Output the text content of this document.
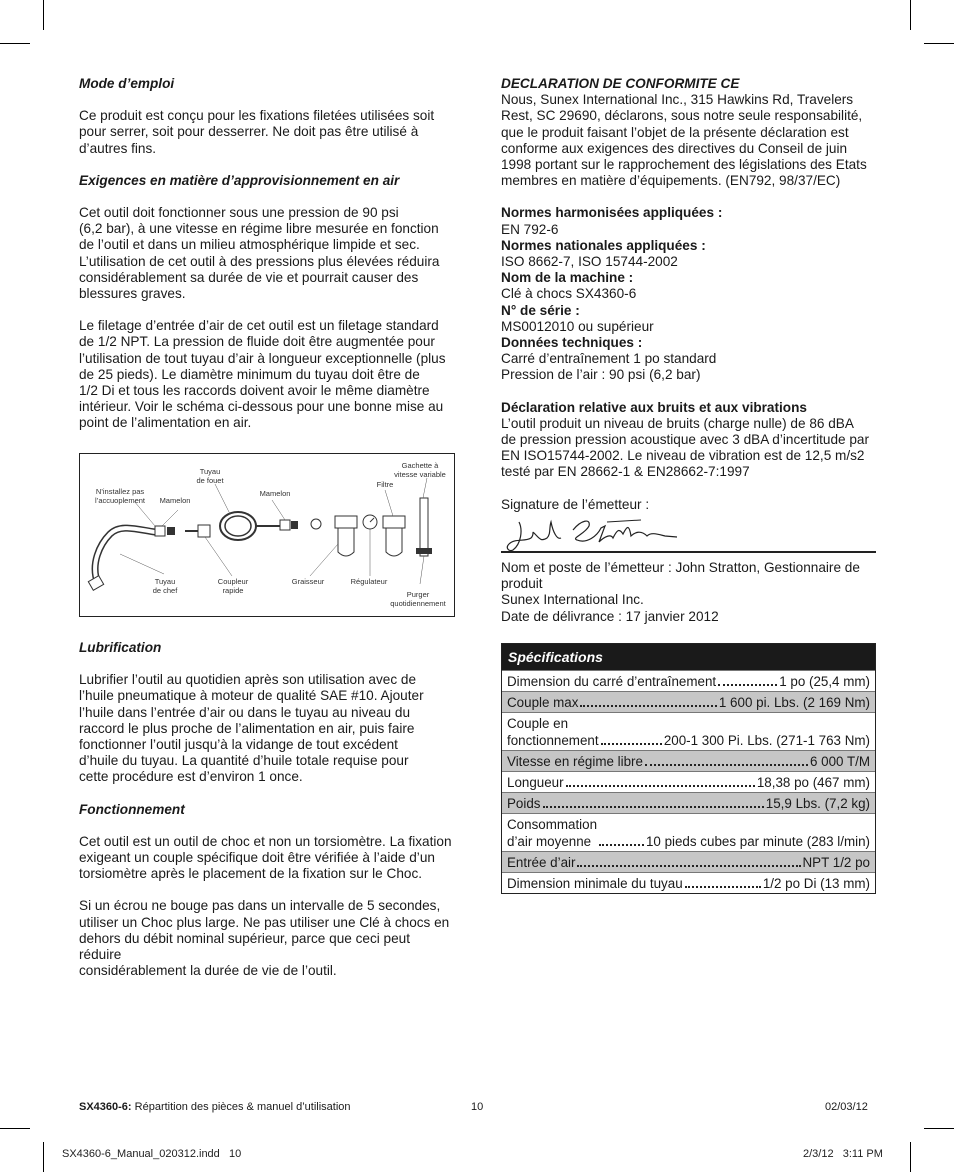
Mode d’emploi

Ce produit est conçu pour les fixations filetées utilisées soit
pour serrer, soit pour desserrer. Ne doit pas être utilisé à
d’autres fins.

Exigences en matière d’approvisionnement en air

Cet outil doit fonctionner sous une pression de 90 psi
(6,2 bar), à une vitesse en régime libre mesurée en fonction
de l’outil et dans un milieu atmosphérique limpide et sec.
L’utilisation de cet outil à des pressions plus élevées réduira
considérablement sa durée de vie et pourrait causer des
blessures graves.

Le filetage d’entrée d’air de cet outil est un filetage standard
de 1/2 NPT. La pression de fluide doit être augmentée pour
l’utilisation de tout tuyau d’air à longueur exceptionnelle (plus
de 25 pieds). Le diamètre minimum du tuyau doit être de
1/2 Di et tous les raccords doivent avoir le même diamètre
intérieur. Voir le schéma ci-dessous pour une bonne mise au
point de l’alimentation en air.

N’installez pas
l’accuoplement	Mamelon
Tuyau
de fouet
Mamelon
Filtre
Gachette à
vitesse variable
Tuyau
de chef
Coupleur
rapide
Graisseur	Régulateur
Purger
quotidiennement

Lubrification

Lubrifier l’outil au quotidien après son utilisation avec de
l’huile pneumatique à moteur de qualité SAE #10. Ajouter
l’huile dans l’entrée d’air ou dans le tuyau au niveau du
raccord le plus proche de l’alimentation en air, puis faire
fonctionner l’outil jusqu’à la vidange de tout excédent
d’huile du tuyau. La quantité d’huile totale requise pour
cette procédure est d’environ 1 once.

Fonctionnement

Cet outil est un outil de choc et non un torsiomètre. La fixation
exigeant un couple spécifique doit être vérifiée à l’aide d’un
torsiomètre après le placement de la fixation sur le Choc.

Si un écrou ne bouge pas dans un intervalle de 5 secondes,
utiliser un Choc plus large. Ne pas utiliser une Clé à chocs en
dehors du débit nominal supérieur, parce que ceci peut réduire
considérablement la durée de vie de l’outil.

DECLARATION DE CONFORMITE CE

Nous, Sunex International Inc., 315 Hawkins Rd, Travelers
Rest, SC 29690, déclarons, sous notre seule responsabilité,
que le produit faisant l’objet de la présente déclaration est
conforme aux exigences des directives du Conseil de juin
1998 portant sur le rapprochement des législations des Etats
membres en matière d’équipements. (EN792, 98/37/EC)

Normes harmonisées appliquées :

EN 792-6

Normes nationales appliquées :

ISO 8662-7, ISO 15744-2002

Nom de la machine :

Clé à chocs SX4360-6

N° de série :

MS0012010 ou supérieur

Données techniques :

Carré d’entraînement 1 po standard

Pression de l’air : 90 psi (6,2 bar)

Déclaration relative aux bruits et aux vibrations

L’outil produit un niveau de bruits (charge nulle) de 86 dBA
de pression pression acoustique avec 3 dBA d’incertitude par
EN ISO15744-2002. Le niveau de vibration est de 12,5 m/s2
testé par EN 28662-1 & EN28662-7:1997

Signature de l’émetteur :

Nom et poste de l’émetteur : John Stratton, Gestionnaire de
produit
Sunex International Inc.
Date de délivrance : 17 janvier 2012

Spécifications
Dimension du carré d’entraînement	1 po (25,4 mm)
Couple max	1 600 pi. Lbs. (2 169 Nm)
Couple en
fonctionnement	200-1 300 Pi. Lbs. (271-1 763 Nm)
Vitesse en régime libre	6 000 T/M
Longueur	18,38 po (467 mm)
Poids	15,9 Lbs. (7,2 kg)
Consommation
d’air moyenne	10 pieds cubes par minute (283 l/min)
Entrée d’air	NPT 1/2 po
Dimension minimale du tuyau	1/2 po Di (13 mm)
SX4360-6: Répartition des pièces & manuel d’utilisation	10	02/03/12
SX4360-6_Manual_020312.indd   10	2/3/12   3:11 PM
